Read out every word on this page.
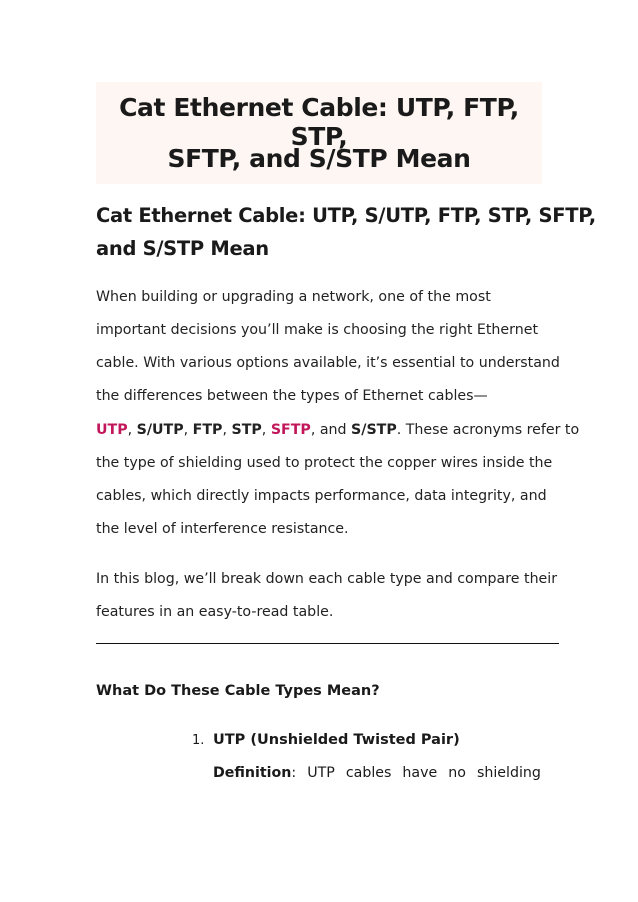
Cat Ethernet Cable: UTP, FTP, STP,
SFTP, and S/STP Mean
Cat Ethernet Cable: UTP, S/UTP, FTP, STP, SFTP,
and S/STP Mean
When building or upgrading a network, one of the most
important decisions you’ll make is choosing the right Ethernet
cable. With various options available, it’s essential to understand
the differences between the types of Ethernet cables—
UTP, S/UTP, FTP, STP, SFTP, and S/STP. These acronyms refer to
the type of shielding used to protect the copper wires inside the
cables, which directly impacts performance, data integrity, and
the level of interference resistance.
In this blog, we’ll break down each cable type and compare their
features in an easy-to-read table.
What Do These Cable Types Mean?
1. UTP (Unshielded Twisted Pair)
Definition: UTP cables have no shielding
